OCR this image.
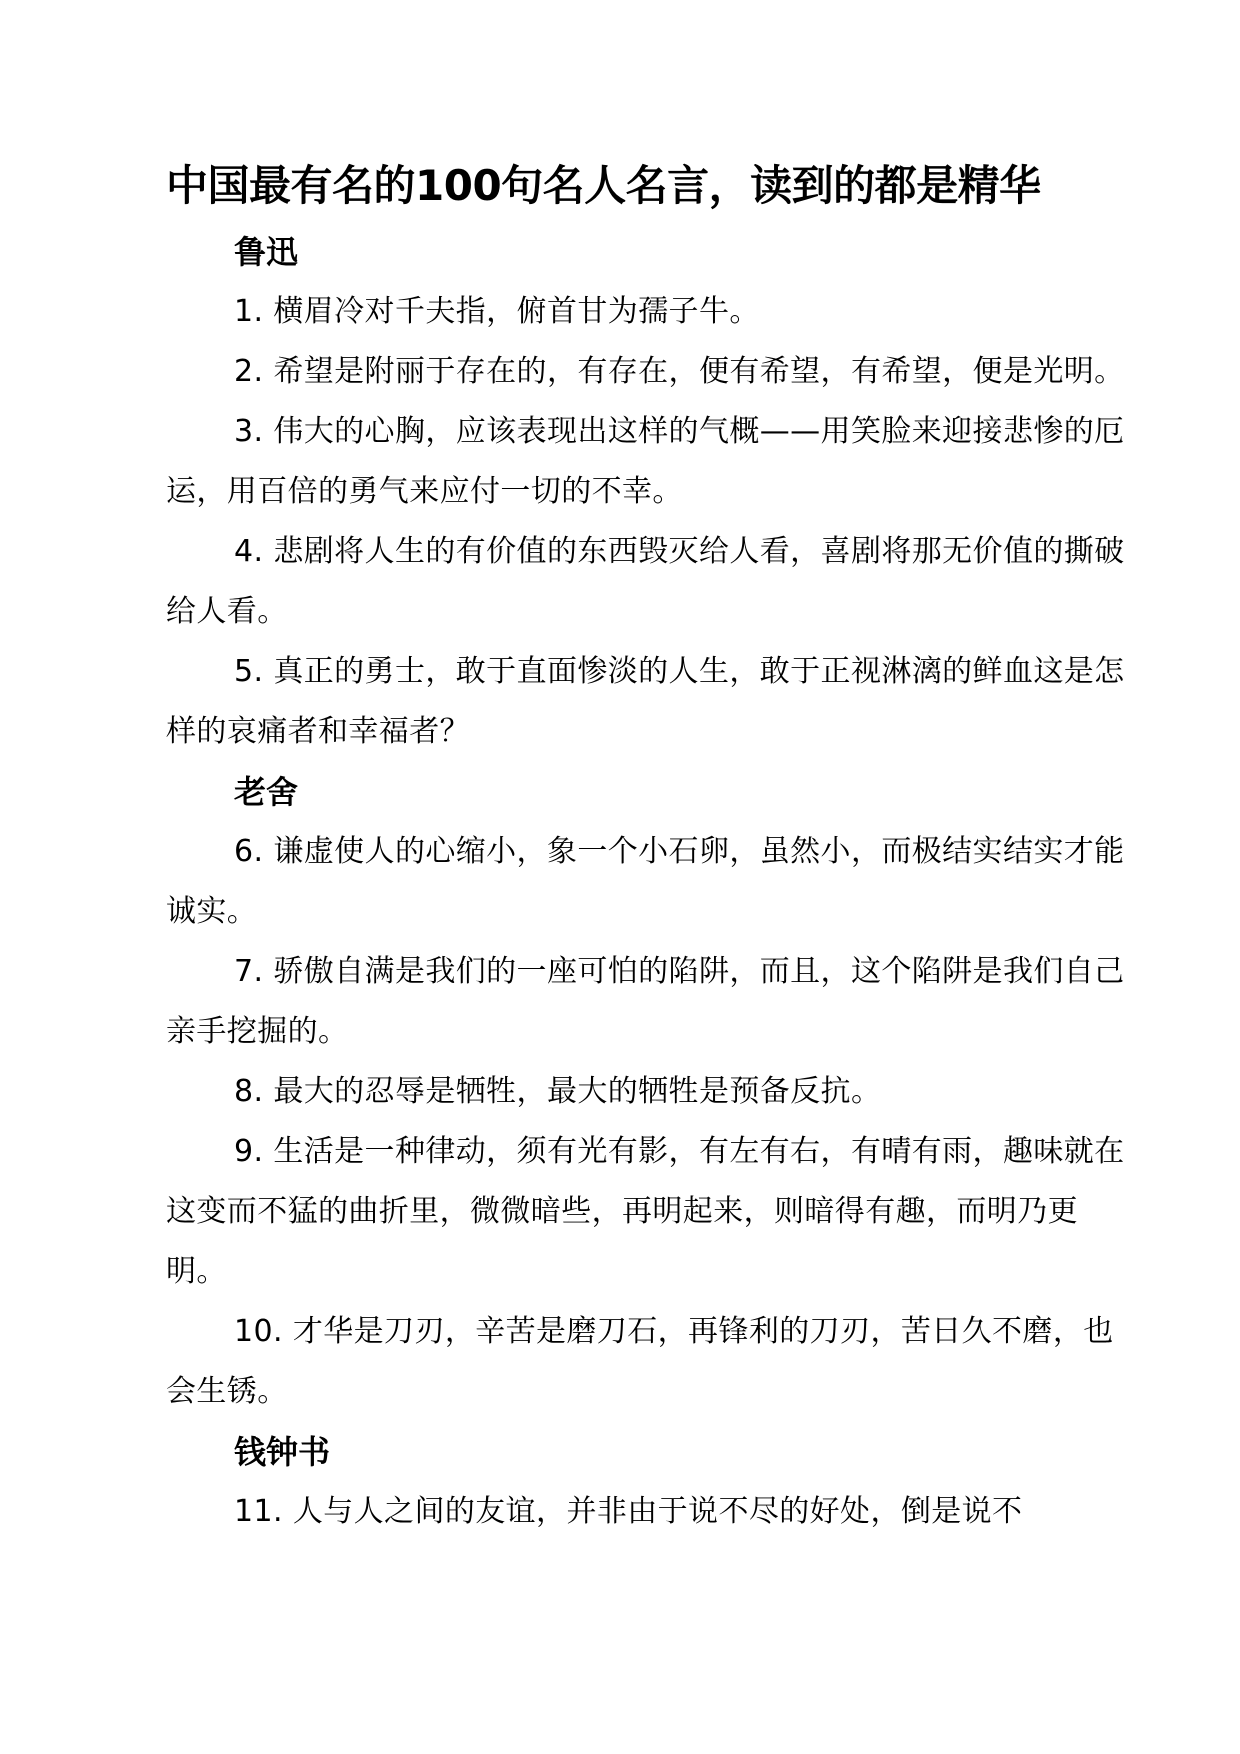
中国最有名的100句名人名言，读到的都是精华

鲁迅

1. 横眉冷对千夫指，俯首甘为孺子牛。

2. 希望是附丽于存在的，有存在，便有希望，有希望，便是光明。

3. 伟大的心胸，应该表现出这样的气概——用笑脸来迎接悲惨的厄运，用百倍的勇气来应付一切的不幸。

4. 悲剧将人生的有价值的东西毁灭给人看，喜剧将那无价值的撕破给人看。

5. 真正的勇士，敢于直面惨淡的人生，敢于正视淋漓的鲜血这是怎样的哀痛者和幸福者？

老舍

6. 谦虚使人的心缩小，象一个小石卵，虽然小，而极结实结实才能诚实。

7. 骄傲自满是我们的一座可怕的陷阱，而且，这个陷阱是我们自己亲手挖掘的。

8. 最大的忍辱是牺牲，最大的牺牲是预备反抗。

9. 生活是一种律动，须有光有影，有左有右，有晴有雨，趣味就在这变而不猛的曲折里，微微暗些，再明起来，则暗得有趣，而明乃更明。

10. 才华是刀刃，辛苦是磨刀石，再锋利的刀刃，苦日久不磨，也会生锈。

钱钟书

11. 人与人之间的友谊，并非由于说不尽的好处，倒是说不
